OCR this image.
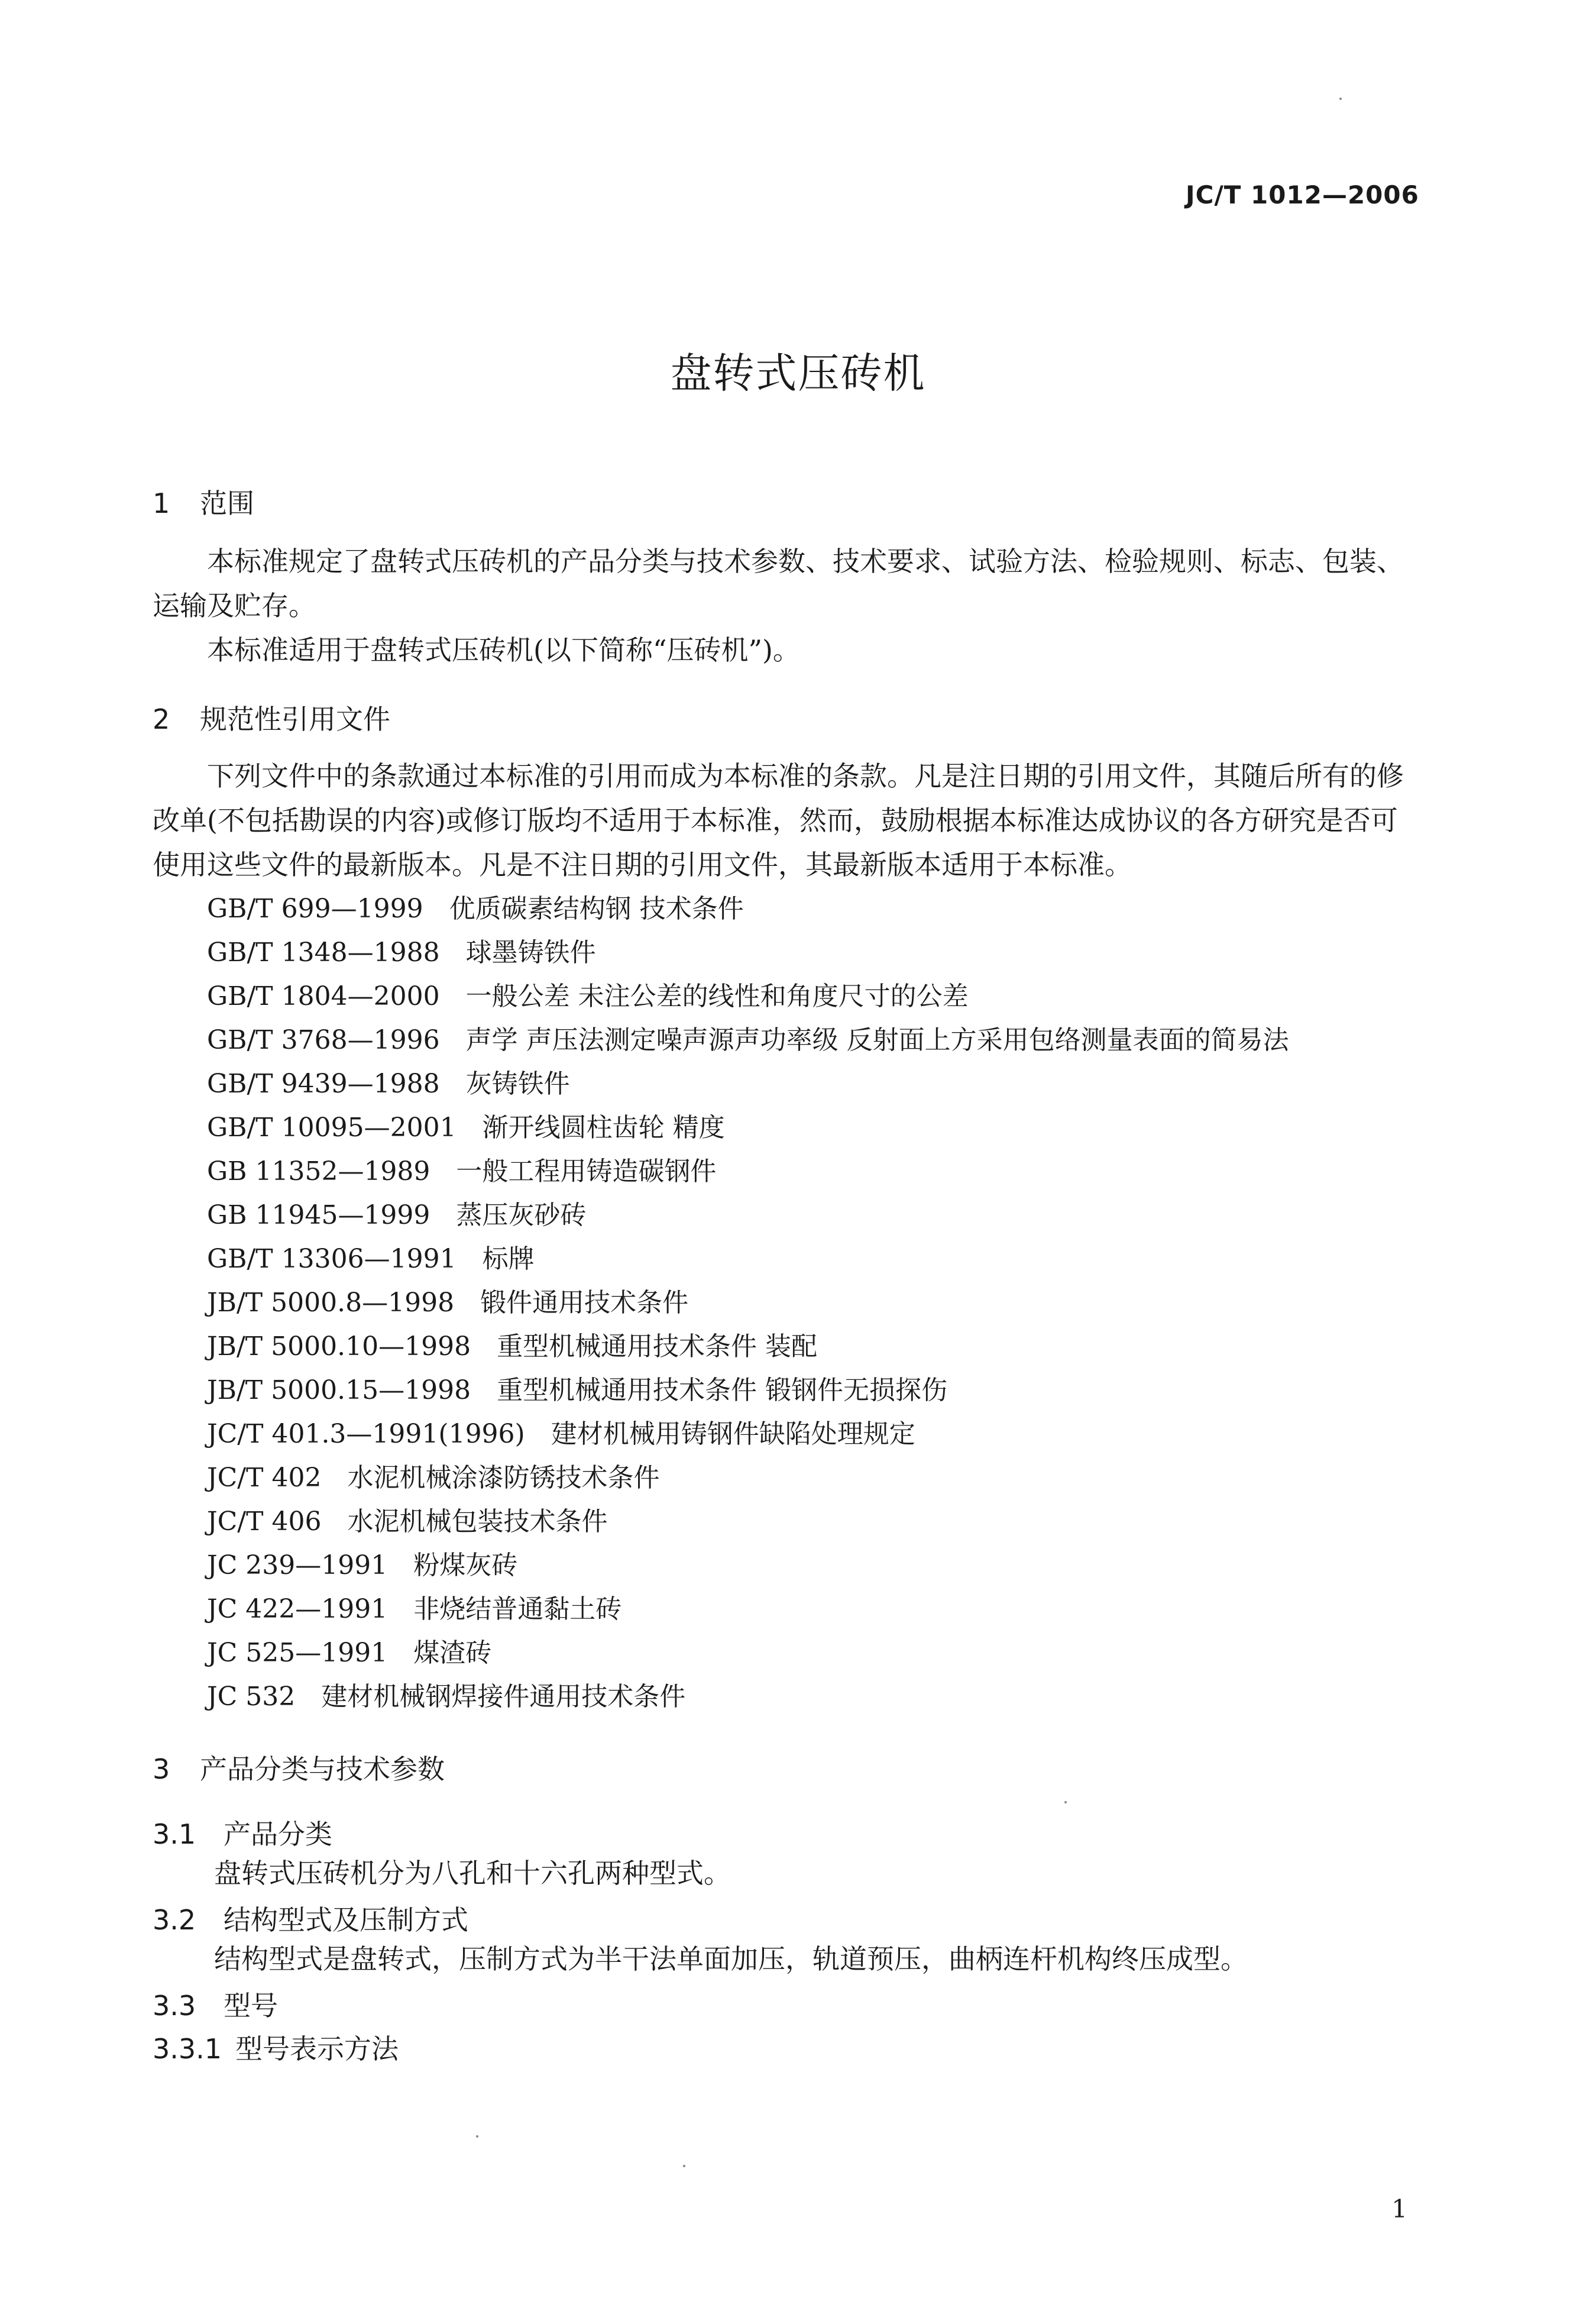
JC/T 1012—2006
盘转式压砖机
1 范围
本标准规定了盘转式压砖机的产品分类与技术参数、技术要求、试验方法、检验规则、标志、包装、运输及贮存。
本标准适用于盘转式压砖机(以下简称“压砖机”)。
2 规范性引用文件
下列文件中的条款通过本标准的引用而成为本标准的条款。凡是注日期的引用文件，其随后所有的修改单(不包括勘误的内容)或修订版均不适用于本标准，然而，鼓励根据本标准达成协议的各方研究是否可使用这些文件的最新版本。凡是不注日期的引用文件，其最新版本适用于本标准。
GB/T 699—1999 优质碳素结构钢 技术条件
GB/T 1348—1988 球墨铸铁件
GB/T 1804—2000 一般公差 未注公差的线性和角度尺寸的公差
GB/T 3768—1996 声学 声压法测定噪声源声功率级 反射面上方采用包络测量表面的简易法
GB/T 9439—1988 灰铸铁件
GB/T 10095—2001 渐开线圆柱齿轮 精度
GB 11352—1989 一般工程用铸造碳钢件
GB 11945—1999 蒸压灰砂砖
GB/T 13306—1991 标牌
JB/T 5000.8—1998 锻件通用技术条件
JB/T 5000.10—1998 重型机械通用技术条件 装配
JB/T 5000.15—1998 重型机械通用技术条件 锻钢件无损探伤
JC/T 401.3—1991(1996) 建材机械用铸钢件缺陷处理规定
JC/T 402 水泥机械涂漆防锈技术条件
JC/T 406 水泥机械包装技术条件
JC 239—1991 粉煤灰砖
JC 422—1991 非烧结普通黏土砖
JC 525—1991 煤渣砖
JC 532 建材机械钢焊接件通用技术条件
3 产品分类与技术参数
3.1 产品分类
盘转式压砖机分为八孔和十六孔两种型式。
3.2 结构型式及压制方式
结构型式是盘转式，压制方式为半干法单面加压，轨道预压，曲柄连杆机构终压成型。
3.3 型号
3.3.1 型号表示方法
1
